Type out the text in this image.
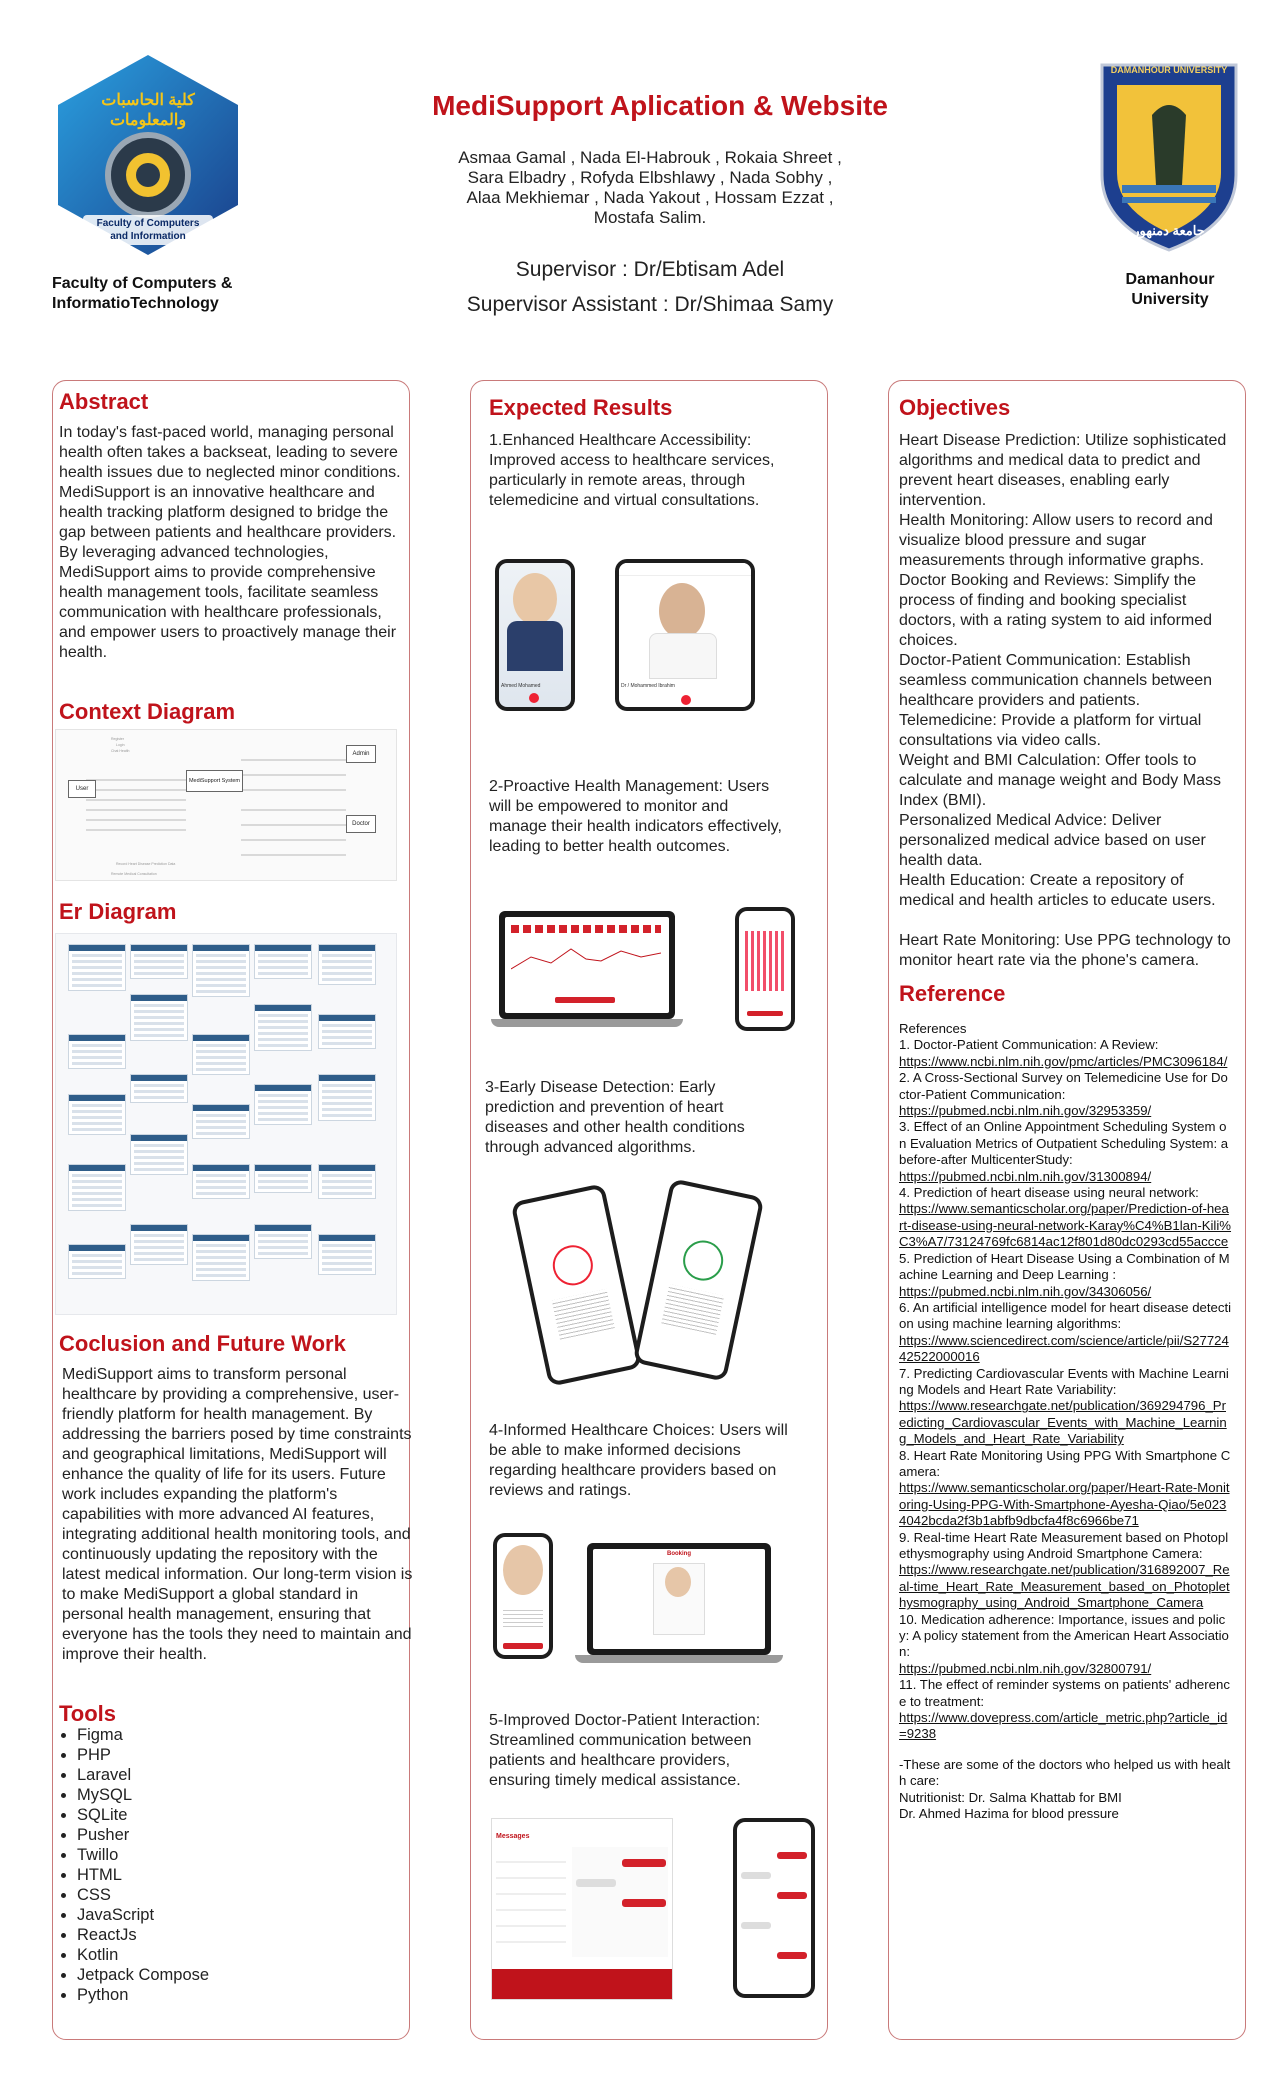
كلية الحاسبات والمعلومات
Faculty of Computers
and Information
Faculty of Computers &
InformatioTechnology
MediSupport Aplication & Website
Asmaa Gamal , Nada El-Habrouk , Rokaia Shreet ,
Sara Elbadry , Rofyda Elbshlawy , Nada Sobhy ,
Alaa Mekhiemar , Nada Yakout , Hossam Ezzat ,
Mostafa Salim.
Supervisor : Dr/Ebtisam Adel
Supervisor Assistant : Dr/Shimaa Samy
DAMANHOUR UNIVERSITY
جامعة دمنهور
Damanhour
University
Abstract
In today's fast-paced world, managing personal health often takes a backseat, leading to severe health issues due to neglected minor conditions. MediSupport is an innovative healthcare and health tracking platform designed to bridge the gap between patients and healthcare providers. By leveraging advanced technologies, MediSupport aims to provide comprehensive health management tools, facilitate seamless communication with healthcare professionals, and empower users to proactively manage their health.
Context Diagram
Register
Login
Chat Health
Record Heart Disease Prediction Data
Remote Medical Consultation
User
MediSupport System
Admin
Doctor
Er Diagram
Coclusion and Future Work
MediSupport aims to transform personal healthcare by providing a comprehensive, user-friendly platform for health management. By addressing the barriers posed by time constraints and geographical limitations, MediSupport will enhance the quality of life for its users. Future work includes expanding the platform's capabilities with more advanced AI features, integrating additional health monitoring tools, and continuously updating the repository with the latest medical information. Our long-term vision is to make MediSupport a global standard in personal health management, ensuring that everyone has the tools they need to maintain and improve their health.
Tools
• Figma
• PHP
• Laravel
• MySQL
• SQLite
• Pusher
• Twillo
• HTML
• CSS
• JavaScript
• ReactJs
• Kotlin
• Jetpack Compose
• Python
Expected Results
1.Enhanced Healthcare Accessibility: Improved access to healthcare services, particularly in remote areas, through telemedicine and virtual consultations.
Ahmed Mohamed	Dr / Mohammed Ibrahim
2-Proactive Health Management: Users will be empowered to monitor and manage their health indicators effectively, leading to better health outcomes.
3-Early Disease Detection: Early prediction and prevention of heart diseases and other health conditions through advanced algorithms.
4-Informed Healthcare Choices: Users will be able to make informed decisions regarding healthcare providers based on reviews and ratings.
Booking
5-Improved Doctor-Patient Interaction: Streamlined communication between patients and healthcare providers, ensuring timely medical assistance.
Messages
Objectives
Heart Disease Prediction: Utilize sophisticated algorithms and medical data to predict and prevent heart diseases, enabling early intervention.
Health Monitoring: Allow users to record and visualize blood pressure and sugar measurements through informative graphs.
Doctor Booking and Reviews: Simplify the process of finding and booking specialist doctors, with a rating system to aid informed choices.
Doctor-Patient Communication: Establish seamless communication channels between healthcare providers and patients.
Telemedicine: Provide a platform for virtual consultations via video calls.
Weight and BMI Calculation: Offer tools to calculate and manage weight and Body Mass Index (BMI).
Personalized Medical Advice: Deliver personalized medical advice based on user health data.
Health Education: Create a repository of medical and health articles to educate users.
Heart Rate Monitoring: Use PPG technology to monitor heart rate via the phone's camera.
Reference
References
1. Doctor-Patient Communication: A Review:
https://www.ncbi.nlm.nih.gov/pmc/articles/PMC3096184/
2. A Cross-Sectional Survey on Telemedicine Use for Doctor-Patient Communication:
https://pubmed.ncbi.nlm.nih.gov/32953359/
3. Effect of an Online Appointment Scheduling System on Evaluation Metrics of Outpatient Scheduling System: a before-after MulticenterStudy:
https://pubmed.ncbi.nlm.nih.gov/31300894/
4. Prediction of heart disease using neural network:
https://www.semanticscholar.org/paper/Prediction-of-heart-disease-using-neural-network-Karay%C4%B1lan-Kili%C3%A7/73124769fc6814ac12f801d80dc0293cd55accce
5. Prediction of Heart Disease Using a Combination of Machine Learning and Deep Learning :
https://pubmed.ncbi.nlm.nih.gov/34306056/
6. An artificial intelligence model for heart disease detection using machine learning algorithms:
https://www.sciencedirect.com/science/article/pii/S2772442522000016
7. Predicting Cardiovascular Events with Machine Learning Models and Heart Rate Variability:
https://www.researchgate.net/publication/369294796_Predicting_Cardiovascular_Events_with_Machine_Learning_Models_and_Heart_Rate_Variability
8. Heart Rate Monitoring Using PPG With Smartphone Camera:
https://www.semanticscholar.org/paper/Heart-Rate-Monitoring-Using-PPG-With-Smartphone-Ayesha-Qiao/5e0234042bcda2f3b1abfb9dbcfa4f8c6966be71
9. Real-time Heart Rate Measurement based on Photoplethysmography using Android Smartphone Camera:
https://www.researchgate.net/publication/316892007_Real-time_Heart_Rate_Measurement_based_on_Photoplethysmography_using_Android_Smartphone_Camera
10. Medication adherence: Importance, issues and policy: A policy statement from the American Heart Association:
https://pubmed.ncbi.nlm.nih.gov/32800791/
11. The effect of reminder systems on patients' adherence to treatment:
https://www.dovepress.com/article_metric.php?article_id=9238
-These are some of the doctors who helped us with health care:
Nutritionist: Dr. Salma Khattab for BMI
Dr. Ahmed Hazima for blood pressure
